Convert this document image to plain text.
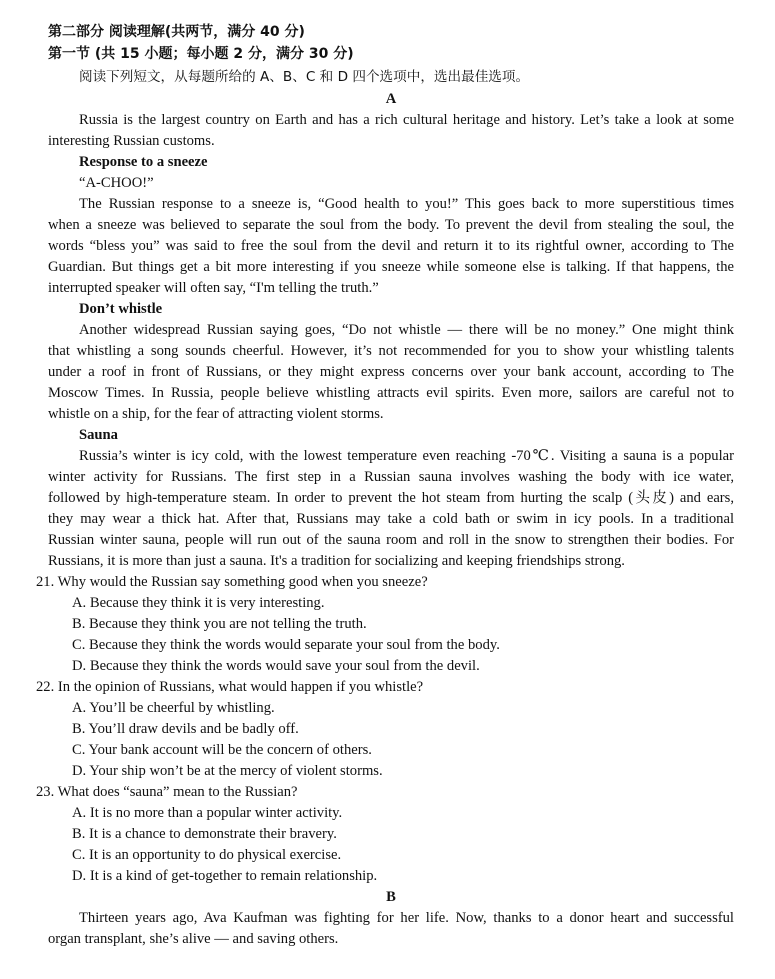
第二部分 阅读理解(共两节，满分 40 分)
第一节 (共 15 小题；每小题 2 分，满分 30 分)
阅读下列短文，从每题所给的 A、B、C 和 D 四个选项中，选出最佳选项。
A
Russia is the largest country on Earth and has a rich cultural heritage and history. Let’s take a look at some
interesting Russian customs.
Response to a sneeze
“A-CHOO!”
The Russian response to a sneeze is, “Good health to you!” This goes back to more superstitious times
when a sneeze was believed to separate the soul from the body. To prevent the devil from stealing the soul, the
words “bless you” was said to free the soul from the devil and return it to its rightful owner, according to The
Guardian. But things get a bit more interesting if you sneeze while someone else is talking. If that happens, the
interrupted speaker will often say, “I'm telling the truth.”
Don’t whistle
Another widespread Russian saying goes, “Do not whistle — there will be no money.” One might think
that whistling a song sounds cheerful. However, it’s not recommended for you to show your whistling talents
under a roof in front of Russians, or they might express concerns over your bank account, according to The
Moscow Times. In Russia, people believe whistling attracts evil spirits. Even more, sailors are careful not to
whistle on a ship, for the fear of attracting violent storms.
Sauna
Russia’s winter is icy cold, with the lowest temperature even reaching -70℃. Visiting a sauna is a popular
winter activity for Russians. The first step in a Russian sauna involves washing the body with ice water,
followed by high-temperature steam. In order to prevent the hot steam from hurting the scalp (头皮) and ears,
they may wear a thick hat. After that, Russians may take a cold bath or swim in icy pools. In a traditional
Russian winter sauna, people will run out of the sauna room and roll in the snow to strengthen their bodies. For
Russians, it is more than just a sauna. It's a tradition for socializing and keeping friendships strong.
21. Why would the Russian say something good when you sneeze?
A. Because they think it is very interesting.
B. Because they think you are not telling the truth.
C. Because they think the words would separate your soul from the body.
D. Because they think the words would save your soul from the devil.
22. In the opinion of Russians, what would happen if you whistle?
A. You’ll be cheerful by whistling.
B. You’ll draw devils and be badly off.
C. Your bank account will be the concern of others.
D. Your ship won’t be at the mercy of violent storms.
23. What does “sauna” mean to the Russian?
A. It is no more than a popular winter activity.
B. It is a chance to demonstrate their bravery.
C. It is an opportunity to do physical exercise.
D. It is a kind of get-together to remain relationship.
B
Thirteen years ago, Ava Kaufman was fighting for her life. Now, thanks to a donor heart and successful
organ transplant, she’s alive — and saving others.
